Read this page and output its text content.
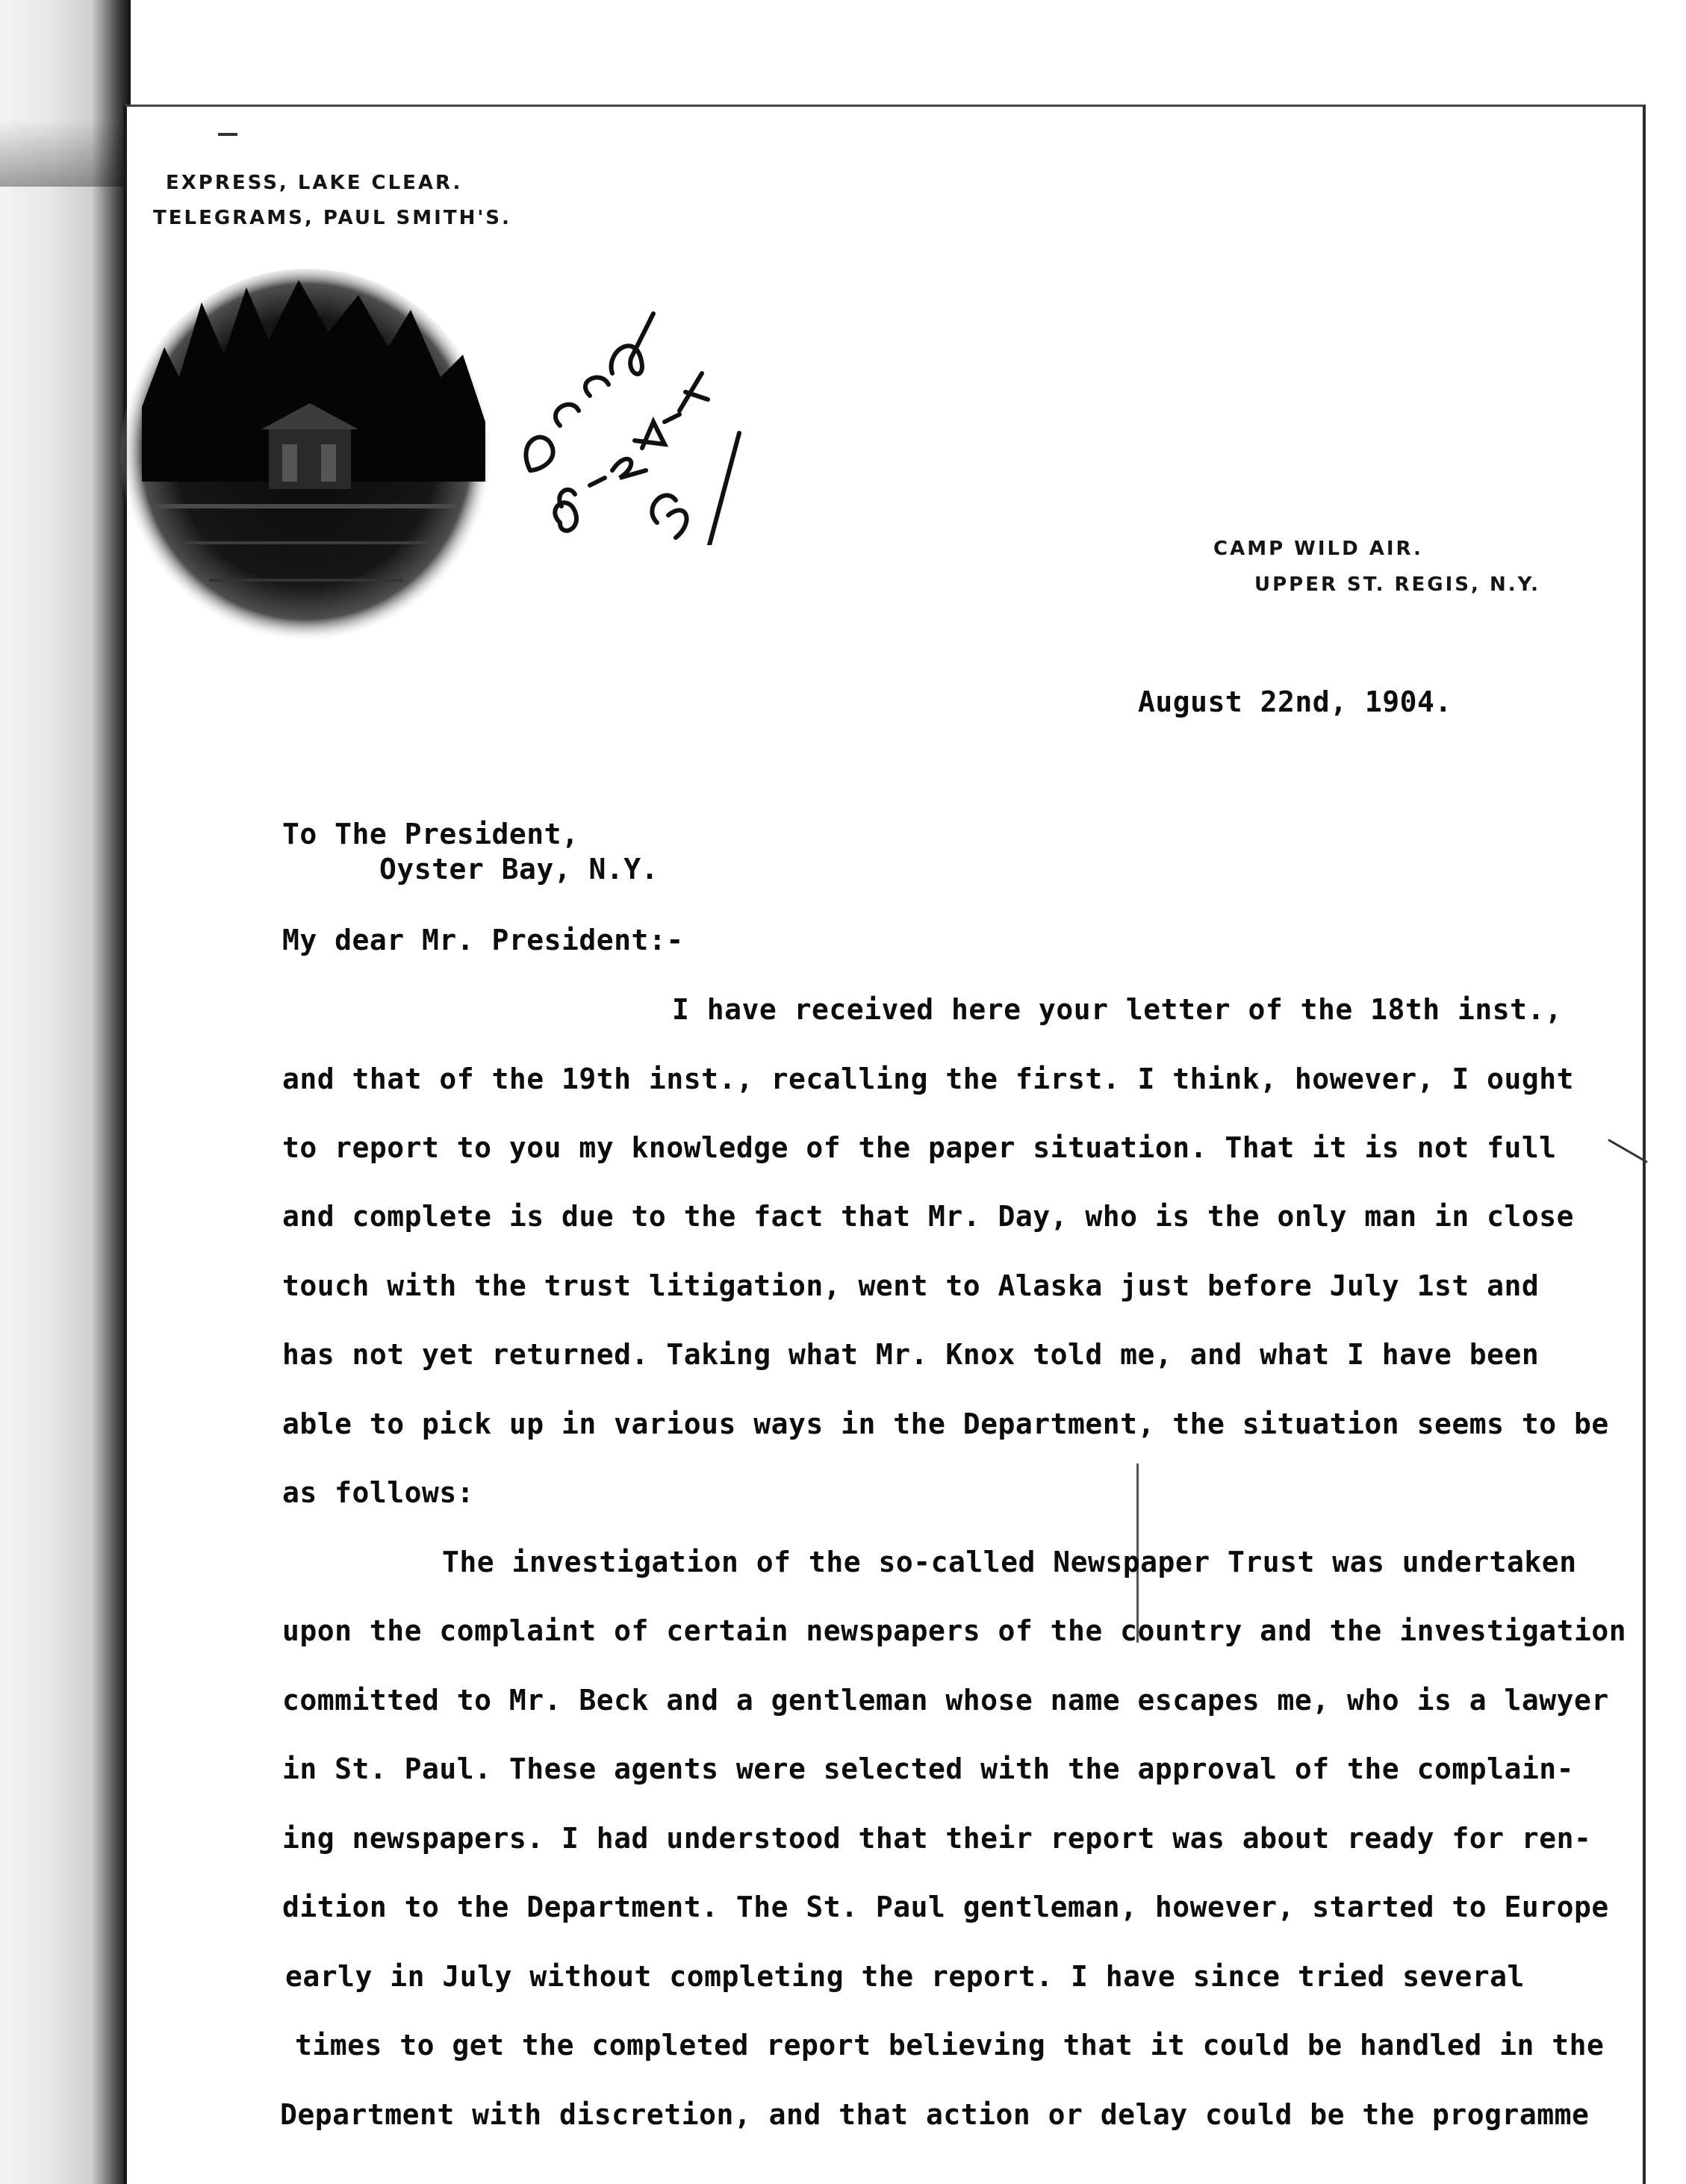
EXPRESS, LAKE CLEAR.
TELEGRAMS, PAUL SMITH'S.
CAMP WILD AIR.
UPPER ST. REGIS, N.Y.
August 22nd, 1904.
To The President,
Oyster Bay, N.Y.
My dear Mr. President:-
I have received here your letter of the 18th inst.,
and that of the 19th inst., recalling the first. I think, however, I ought
to report to you my knowledge of the paper situation. That it is not full
and complete is due to the fact that Mr. Day, who is the only man in close
touch with the trust litigation, went to Alaska just before July 1st and
has not yet returned. Taking what Mr. Knox told me, and what I have been
able to pick up in various ways in the Department, the situation seems to be
as follows:
The investigation of the so-called Newspaper Trust was undertaken
upon the complaint of certain newspapers of the country and the investigation
committed to Mr. Beck and a gentleman whose name escapes me, who is a lawyer
in St. Paul. These agents were selected with the approval of the complain-
ing newspapers. I had understood that their report was about ready for ren-
dition to the Department. The St. Paul gentleman, however, started to Europe
early in July without completing the report. I have since tried several
times to get the completed report believing that it could be handled in the
Department with discretion, and that action or delay could be the programme
